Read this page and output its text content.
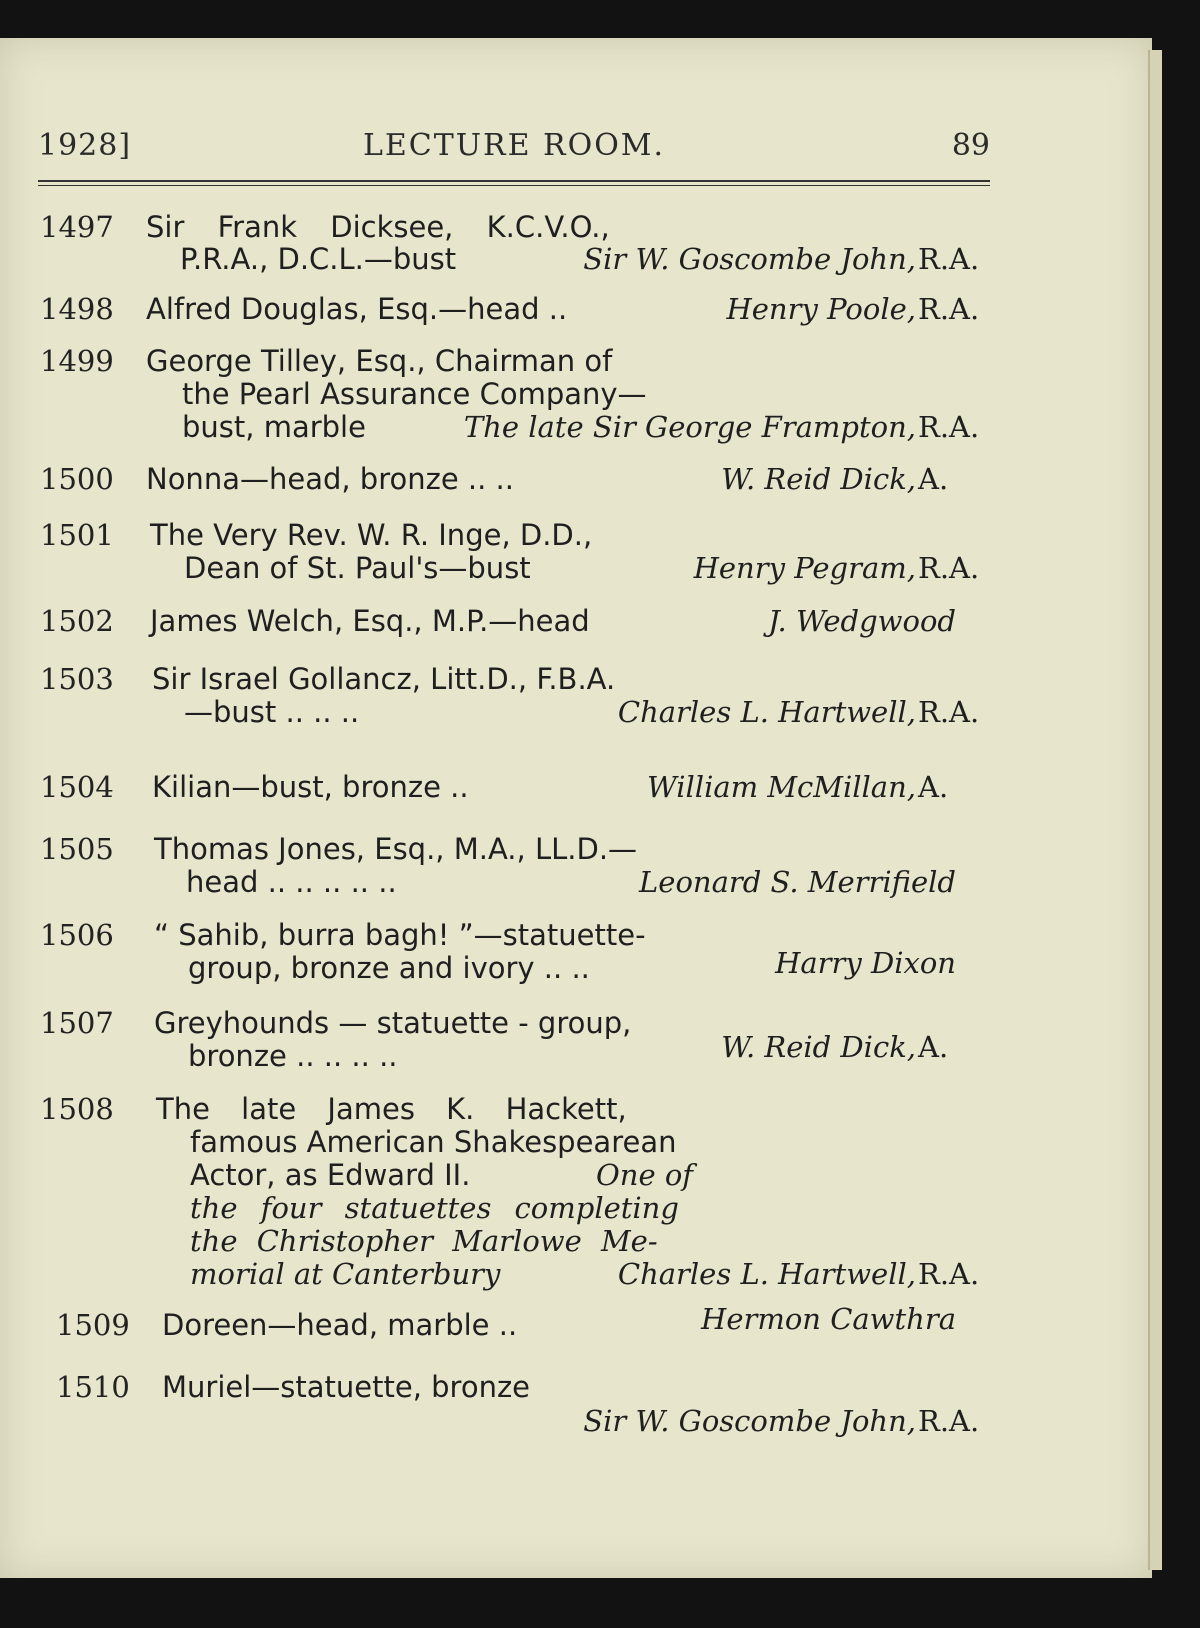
1928]	LECTURE ROOM.	89
1497 Sir Frank Dicksee, K.C.V.O.,
P.R.A., D.C.L.—bust	Sir W. Goscombe John, R.A.
1498 Alfred Douglas, Esq.—head ..	Henry Poole, R.A.
1499 George Tilley, Esq., Chairman of
the Pearl Assurance Company—
bust, marble	The late Sir George Frampton, R.A.
1500 Nonna—head, bronze .. ..	W. Reid Dick, A.
1501 The Very Rev. W. R. Inge, D.D.,
Dean of St. Paul's—bust	Henry Pegram, R.A.
1502 James Welch, Esq., M.P.—head	J. Wedgwood
1503 Sir Israel Gollancz, Litt.D., F.B.A.
—bust .. .. ..	Charles L. Hartwell, R.A.
1504 Kilian—bust, bronze ..	William McMillan, A.
1505 Thomas Jones, Esq., M.A., LL.D.—
head .. .. .. .. ..	Leonard S. Merrifield
1506 “ Sahib, burra bagh! ”—statuette-
group, bronze and ivory .. ..	Harry Dixon
1507 Greyhounds — statuette - group,
bronze .. .. .. ..	W. Reid Dick, A.
1508 The late James K. Hackett,
famous American Shakespearean
Actor, as Edward II.	One of
the four statuettes completing
the Christopher Marlowe Me-
morial at Canterbury	Charles L. Hartwell, R.A.
1509 Doreen—head, marble ..	Hermon Cawthra
1510 Muriel—statuette, bronze
Sir W. Goscombe John, R.A.
